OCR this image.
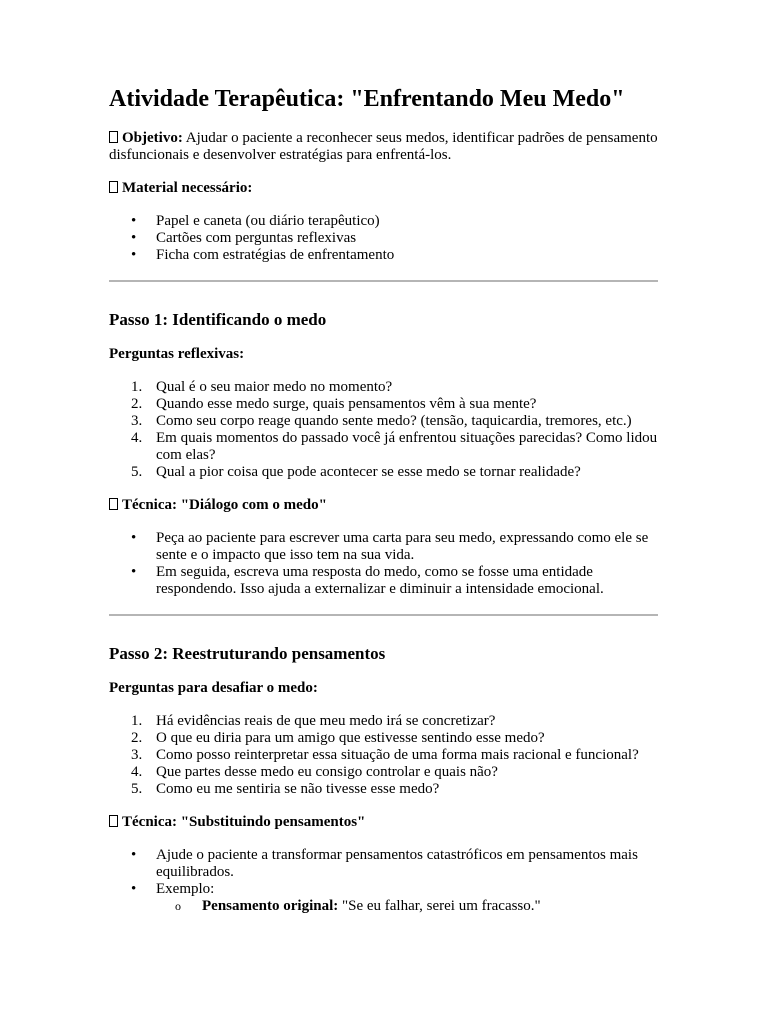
Atividade Terapêutica: "Enfrentando Meu Medo"

Objetivo: Ajudar o paciente a reconhecer seus medos, identificar padrões de pensamento disfuncionais e desenvolver estratégias para enfrentá-los.

Material necessário:

• Papel e caneta (ou diário terapêutico)
• Cartões com perguntas reflexivas
• Ficha com estratégias de enfrentamento
Passo 1: Identificando o medo
Perguntas reflexivas:
1. Qual é o seu maior medo no momento?
2. Quando esse medo surge, quais pensamentos vêm à sua mente?
3. Como seu corpo reage quando sente medo? (tensão, taquicardia, tremores, etc.)
4. Em quais momentos do passado você já enfrentou situações parecidas? Como lidou com elas?
5. Qual a pior coisa que pode acontecer se esse medo se tornar realidade?

Técnica: "Diálogo com o medo"

• Peça ao paciente para escrever uma carta para seu medo, expressando como ele se sente e o impacto que isso tem na sua vida.
• Em seguida, escreva uma resposta do medo, como se fosse uma entidade respondendo. Isso ajuda a externalizar e diminuir a intensidade emocional.
Passo 2: Reestruturando pensamentos
Perguntas para desafiar o medo:
1. Há evidências reais de que meu medo irá se concretizar?
2. O que eu diria para um amigo que estivesse sentindo esse medo?
3. Como posso reinterpretar essa situação de uma forma mais racional e funcional?
4. Que partes desse medo eu consigo controlar e quais não?
5. Como eu me sentiria se não tivesse esse medo?

Técnica: "Substituindo pensamentos"

• Ajude o paciente a transformar pensamentos catastróficos em pensamentos mais equilibrados.
• Exemplo:
o Pensamento original: "Se eu falhar, serei um fracasso."
